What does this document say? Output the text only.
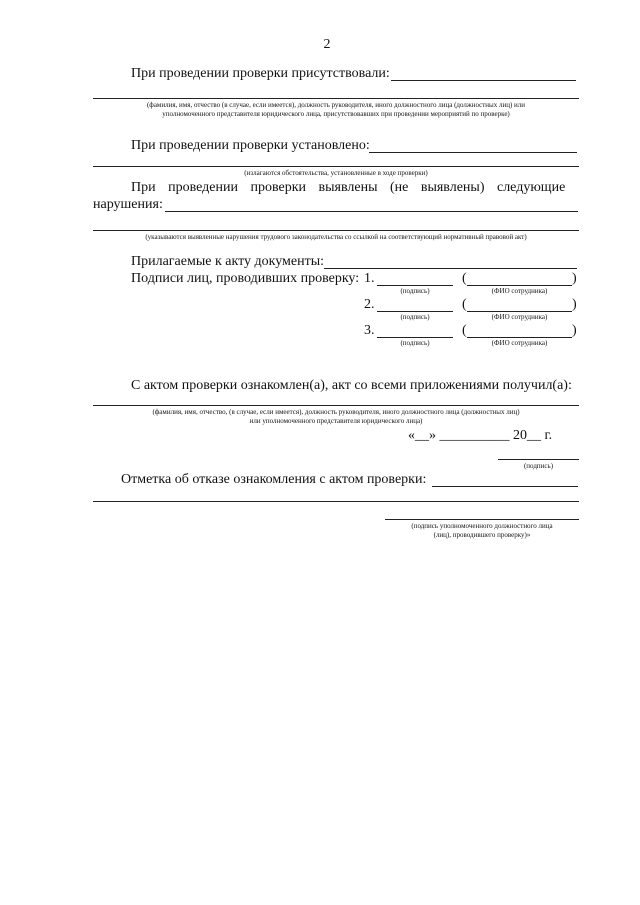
2
При проведении проверки присутствовали:
(фамилия, имя, отчество (в случае, если имеется), должность руководителя, иного должностного лица (должностных лиц) или
уполномоченного представителя юридического лица, присутствовавших при проведении мероприятий по проверке)
При проведении проверки установлено:
(излагаются обстоятельства, установленные в ходе проверки)
При проведении проверки выявлены (не выявлены) следующие
нарушения:
(указываются выявленные нарушения трудового законодательства со ссылкой на соответствующий нормативный правовой акт)
Прилагаемые к акту документы:
Подписи лиц, проводивших проверку: 1.	(	)
(подпись)	(ФИО сотрудника)
2.	(	)
(подпись)	(ФИО сотрудника)
3.	(	)
(подпись)	(ФИО сотрудника)
С актом проверки ознакомлен(а), акт со всеми приложениями получил(а):
(фамилия, имя, отчество, (в случае, если имеется), должность руководителя, иного должностного лица (должностных лиц)
или уполномоченного представителя юридического лица)
«__» __________ 20__ г.
(подпись)
Отметка об отказе ознакомления с актом проверки:
(подпись уполномоченного должностного лица
(лиц), проводившего проверку)»
